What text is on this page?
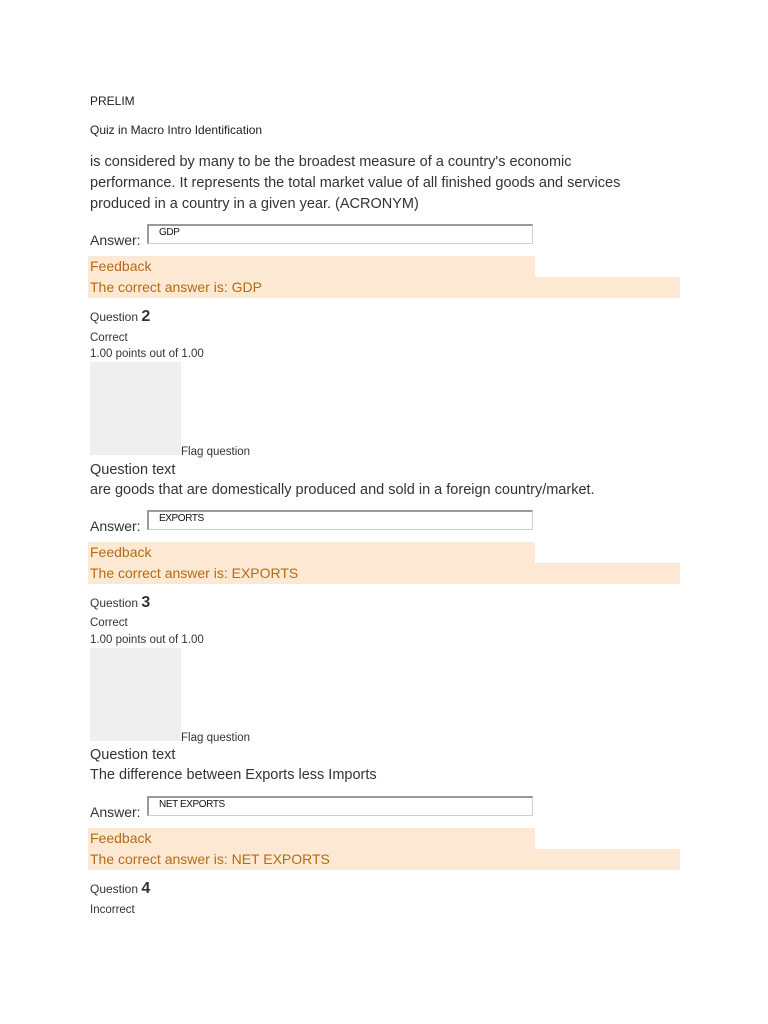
PRELIM
Quiz in Macro Intro Identification
is considered by many to be the broadest measure of a country's economic performance. It represents the total market value of all finished goods and services produced in a country in a given year. (ACRONYM)
Answer:	GDP
Feedback
The correct answer is: GDP
Question 2
Correct
1.00 points out of 1.00
Flag question
Question text
are goods that are domestically produced and sold in a foreign country/market.
Answer:	EXPORTS
Feedback
The correct answer is: EXPORTS
Question 3
Correct
1.00 points out of 1.00
Flag question
Question text
The difference between Exports less Imports
Answer:	NET EXPORTS
Feedback
The correct answer is: NET EXPORTS
Question 4
Incorrect
